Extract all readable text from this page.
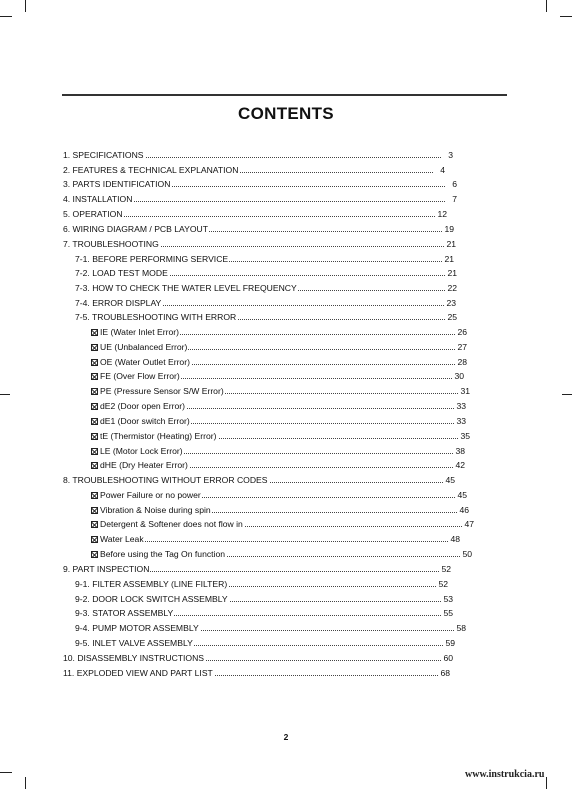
CONTENTS
1. SPECIFICATIONS	3
2. FEATURES & TECHNICAL EXPLANATION	4
3. PARTS IDENTIFICATION	6
4. INSTALLATION	7
5. OPERATION	12
6. WIRING DIAGRAM / PCB LAYOUT	19
7. TROUBLESHOOTING	21
7-1. BEFORE PERFORMING SERVICE	21
7-2. LOAD TEST MODE	21
7-3. HOW TO CHECK THE WATER LEVEL FREQUENCY	22
7-4. ERROR DISPLAY	23
7-5. TROUBLESHOOTING WITH ERROR	25
IE (Water Inlet Error)	26
UE (Unbalanced Error)	27
OE (Water Outlet Error)	28
FE (Over Flow Error)	30
PE (Pressure Sensor S/W Error)	31
dE2 (Door open Error)	33
dE1 (Door switch Error)	33
tE (Thermistor (Heating) Error)	35
LE (Motor Lock Error)	38
dHE (Dry Heater Error)	42
8. TROUBLESHOOTING WITHOUT ERROR CODES	45
Power Failure or no power	45
Vibration & Noise during spin	46
Detergent & Softener does not flow in	47
Water Leak	48
Before using the Tag On function	50
9. PART INSPECTION	52
9-1. FILTER ASSEMBLY (LINE FILTER)	52
9-2. DOOR LOCK SWITCH ASSEMBLY	53
9-3. STATOR ASSEMBLY	55
9-4. PUMP MOTOR ASSEMBLY	58
9-5. INLET VALVE ASSEMBLY	59
10. DISASSEMBLY INSTRUCTIONS	60
11. EXPLODED VIEW AND PART LIST	68
2
www.instrukcia.ru
